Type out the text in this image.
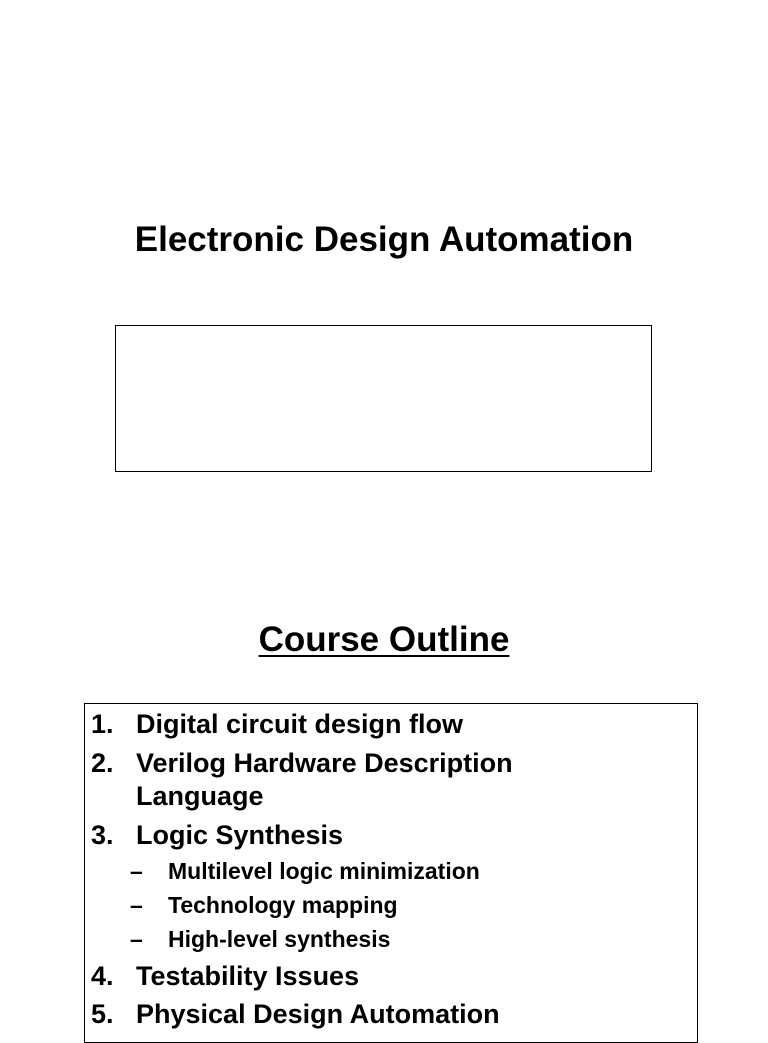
Electronic Design Automation
Course Outline
1. Digital circuit design flow
2. Verilog Hardware Description
Language
3. Logic Synthesis
– Multilevel logic minimization
– Technology mapping
– High-level synthesis
4. Testability Issues
5. Physical Design Automation
